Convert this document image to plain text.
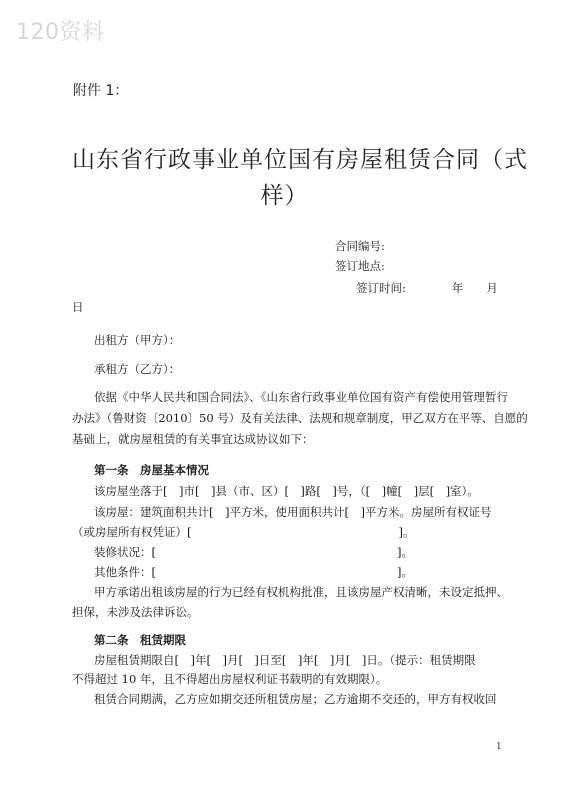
120资料
附件 1：
山东省行政事业单位国有房屋租赁合同（式
样）
合同编号:
签订地点:
签订时间:　　　　年　　月
日
出租方（甲方）：
承租方（乙方）：
依据《中华人民共和国合同法》、《山东省行政事业单位国有资产有偿使用管理暂行
办法》（鲁财资〔2010〕50 号）及有关法律、法规和规章制度，甲乙双方在平等、自愿的
基础上，就房屋租赁的有关事宜达成协议如下：
第一条　房屋基本情况
该房屋坐落于[　]市[　]县（市、区）[　]路[　]号，（[　]幢[　]层[　]室）。
该房屋：建筑面积共计[　]平方米，使用面积共计[　]平方米。房屋所有权证号
（或房屋所有权凭证）[　　　　　　　　　　　　　　　　　　]。
装修状况：[	]。
其他条件：[	]。
甲方承诺出租该房屋的行为已经有权机构批准，且该房屋产权清晰，未设定抵押、
担保，未涉及法律诉讼。
第二条　租赁期限
房屋租赁期限自[　]年[　]月[　]日至[　]年[　]月[　]日。（提示：租赁期限
不得超过 10 年，且不得超出房屋权利证书载明的有效期限）。
租赁合同期满，乙方应如期交还所租赁房屋；乙方逾期不交还的，甲方有权收回
1
